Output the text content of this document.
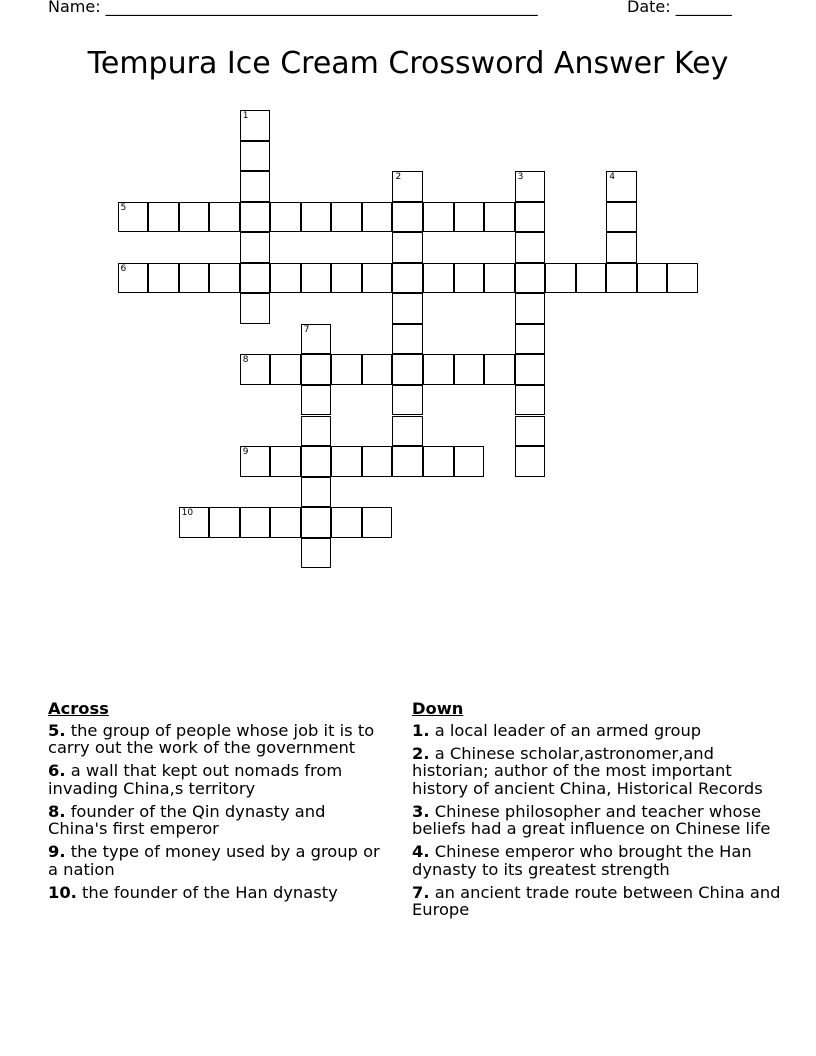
Name: ______________________________________________________	Date: _______
Tempura Ice Cream Crossword Answer Key
1
2	3	4
5
6
7
8
9
10
Across
5. the group of people whose job it is to carry out the work of the government
6. a wall that kept out nomads from invading China,s territory
8. founder of the Qin dynasty and China's first emperor
9. the type of money used by a group or a nation
10. the founder of the Han dynasty
Down
1. a local leader of an armed group
2. a Chinese scholar,astronomer,and historian; author of the most important history of ancient China, Historical Records
3. Chinese philosopher and teacher whose beliefs had a great influence on Chinese life
4. Chinese emperor who brought the Han dynasty to its greatest strength
7. an ancient trade route between China and Europe
